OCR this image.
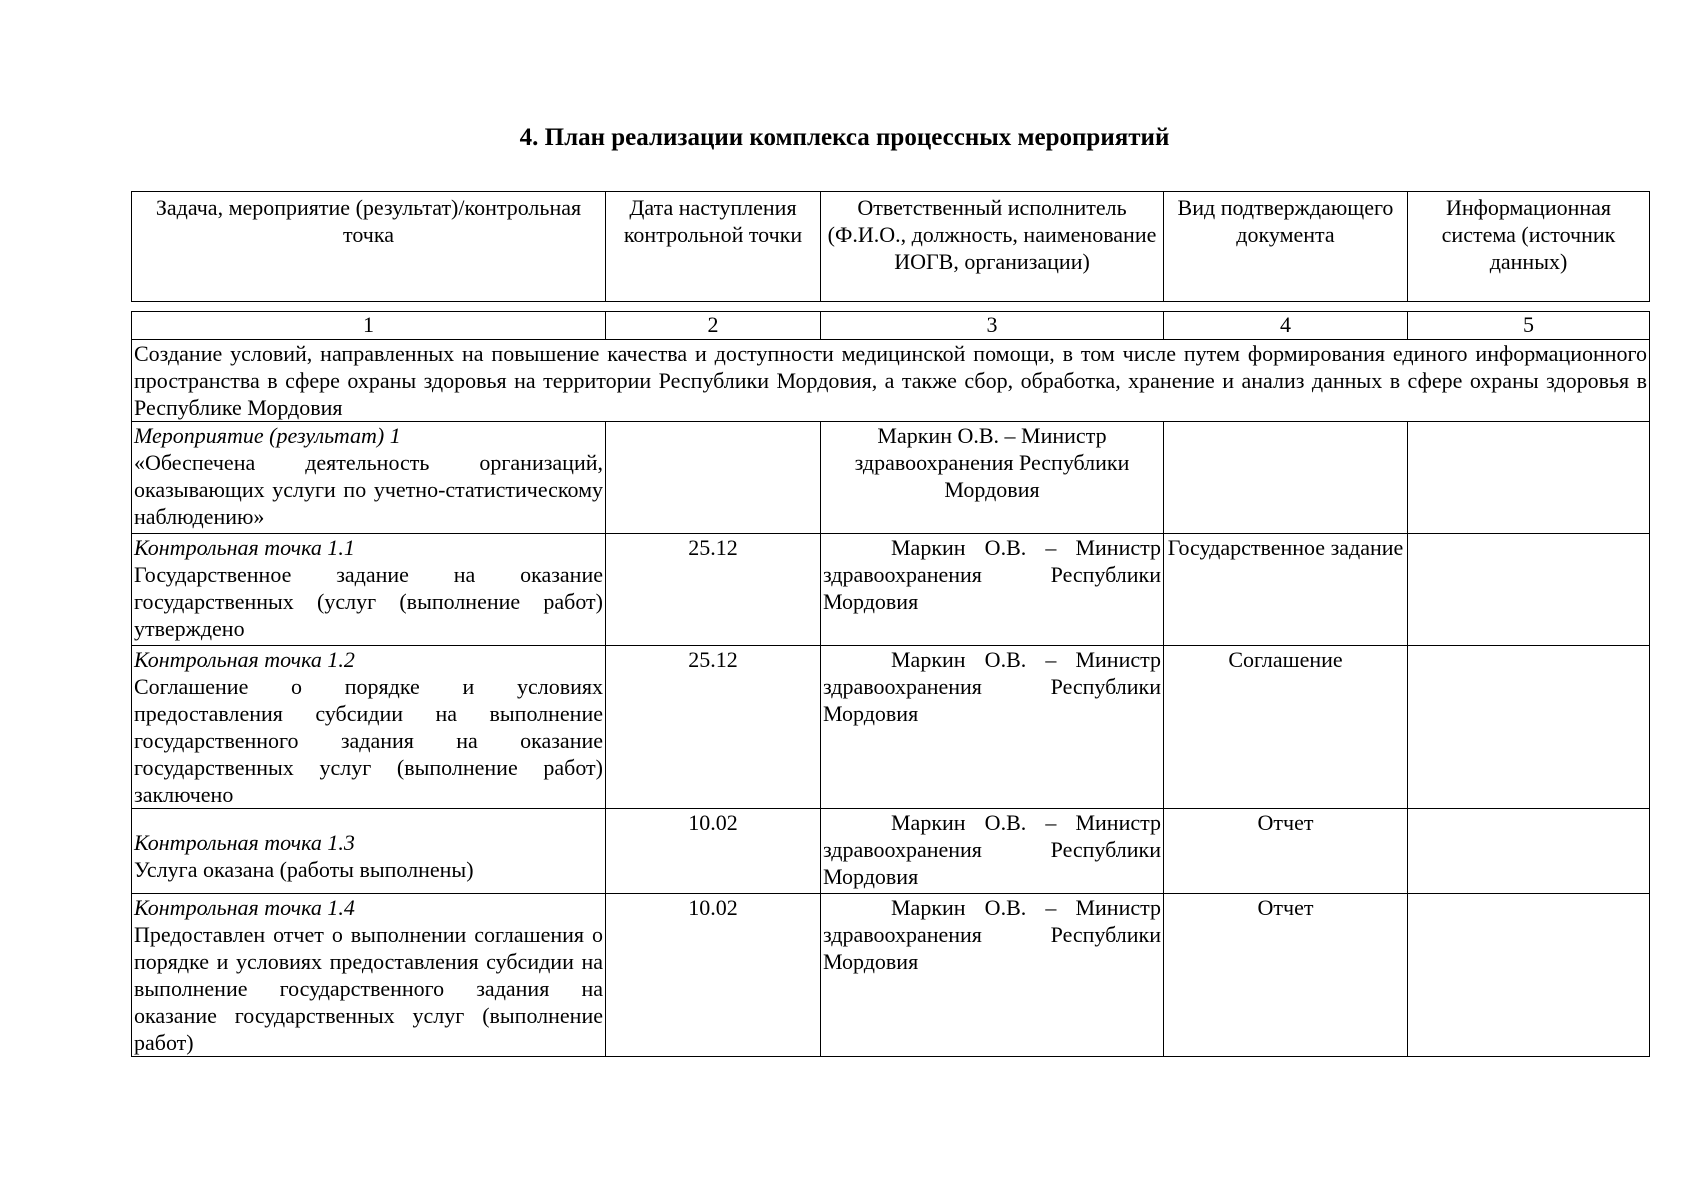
4. План реализации комплекса процессных мероприятий
Задача, мероприятие (результат)/контрольная точка	Дата наступления контрольной точки	Ответственный исполнитель (Ф.И.О., должность, наименование ИОГВ, организации)	Вид подтверждающего документа	Информационная система (источник данных)
1	2	3	4	5
Создание условий, направленных на повышение качества и доступности медицинской помощи, в том числе путем формирования единого информационного пространства в сфере охраны здоровья на территории Республики Мордовия, а также сбор, обработка, хранение и анализ данных в сфере охраны здоровья в Республике Мордовия				

Мероприятие (результат) 1
«Обеспечена деятельность организаций, оказывающих услуги по учетно-статистическому наблюдению»		Маркин О.В. – Министр здравоохранения Республики Мордовия		

Контрольная точка 1.1
Государственное задание на оказание государственных (услуг (выполнение работ) утверждено	25.12	Маркин О.В. – Министр здравоохранения Республики Мордовия	Государственное задание	

Контрольная точка 1.2
Соглашение о порядке и условиях предоставления субсидии на выполнение государственного задания на оказание государственных услуг (выполнение работ) заключено	25.12	Маркин О.В. – Министр здравоохранения Республики Мордовия	Соглашение	

Контрольная точка 1.3
Услуга оказана (работы выполнены)	10.02	Маркин О.В. – Министр здравоохранения Республики Мордовия	Отчет	

Контрольная точка 1.4
Предоставлен отчет о выполнении соглашения о порядке и условиях предоставления субсидии на выполнение государственного задания на оказание государственных услуг (выполнение работ)	10.02	Маркин О.В. – Министр здравоохранения Республики Мордовия	Отчет	
